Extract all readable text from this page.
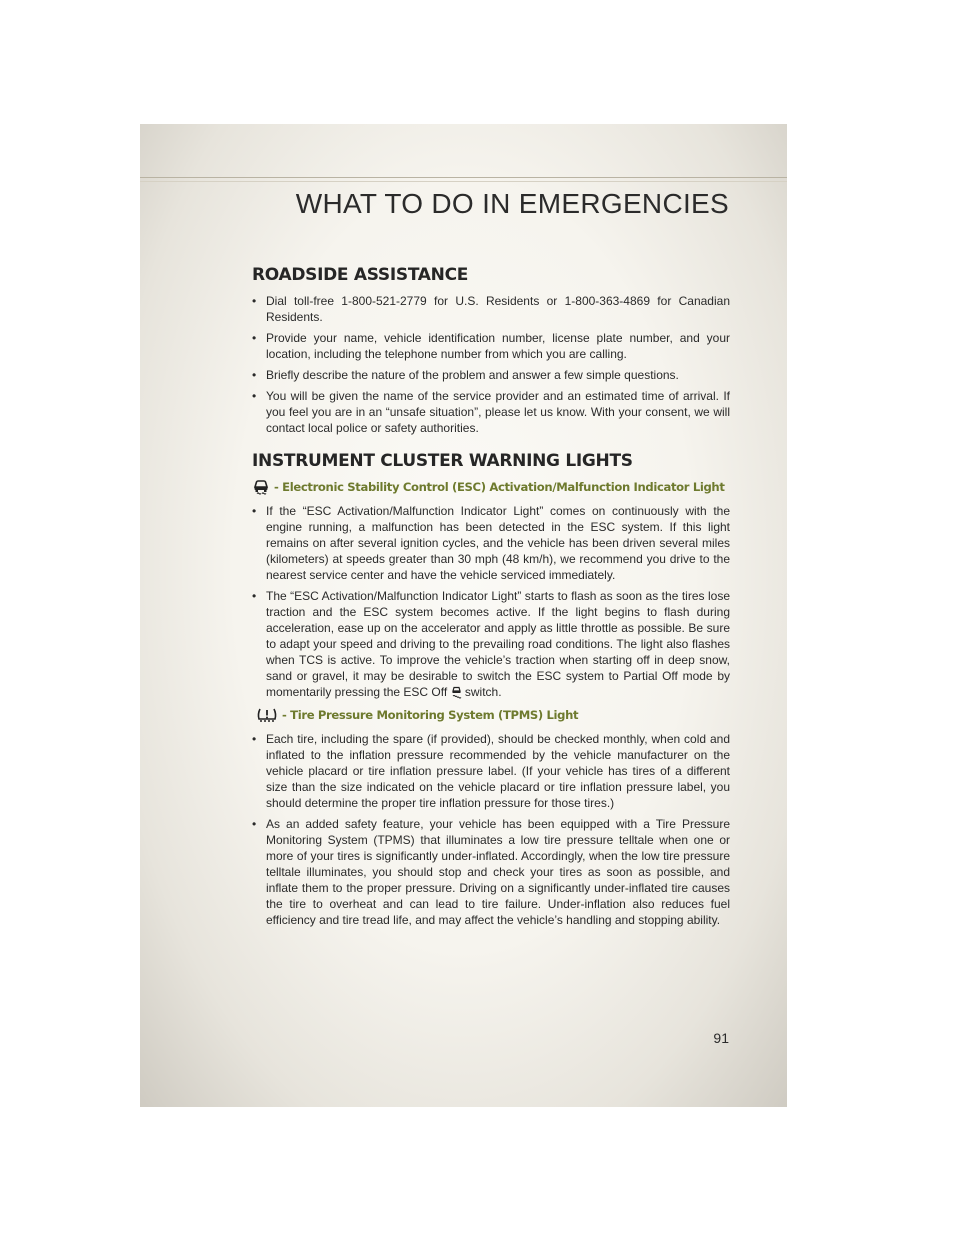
WHAT TO DO IN EMERGENCIES
ROADSIDE ASSISTANCE
• Dial toll-free 1-800-521-2779 for U.S. Residents or 1-800-363-4869 for Canadian Residents.
• Provide your name, vehicle identification number, license plate number, and your location, including the telephone number from which you are calling.
• Briefly describe the nature of the problem and answer a few simple questions.
• You will be given the name of the service provider and an estimated time of arrival. If you feel you are in an “unsafe situation”, please let us know. With your consent, we will contact local police or safety authorities.
INSTRUMENT CLUSTER WARNING LIGHTS
- Electronic Stability Control (ESC) Activation/Malfunction Indicator Light
• If the “ESC Activation/Malfunction Indicator Light” comes on continuously with the engine running, a malfunction has been detected in the ESC system. If this light remains on after several ignition cycles, and the vehicle has been driven several miles (kilometers) at speeds greater than 30 mph (48 km/h), we recommend you drive to the nearest service center and have the vehicle serviced immediately.
• The “ESC Activation/Malfunction Indicator Light” starts to flash as soon as the tires lose traction and the ESC system becomes active. If the light begins to flash during acceleration, ease up on the accelerator and apply as little throttle as possible. Be sure to adapt your speed and driving to the prevailing road conditions. The light also flashes when TCS is active. To improve the vehicle’s traction when starting off in deep snow, sand or gravel, it may be desirable to switch the ESC system to Partial Off mode by momentarily pressing the ESC Off switch.
- Tire Pressure Monitoring System (TPMS) Light
• Each tire, including the spare (if provided), should be checked monthly, when cold and inflated to the inflation pressure recommended by the vehicle manufacturer on the vehicle placard or tire inflation pressure label. (If your vehicle has tires of a different size than the size indicated on the vehicle placard or tire inflation pressure label, you should determine the proper tire inflation pressure for those tires.)
• As an added safety feature, your vehicle has been equipped with a Tire Pressure Monitoring System (TPMS) that illuminates a low tire pressure telltale when one or more of your tires is significantly under-inflated. Accordingly, when the low tire pressure telltale illuminates, you should stop and check your tires as soon as possible, and inflate them to the proper pressure. Driving on a significantly under-inflated tire causes the tire to overheat and can lead to tire failure. Under-inflation also reduces fuel efficiency and tire tread life, and may affect the vehicle’s handling and stopping ability.
91
